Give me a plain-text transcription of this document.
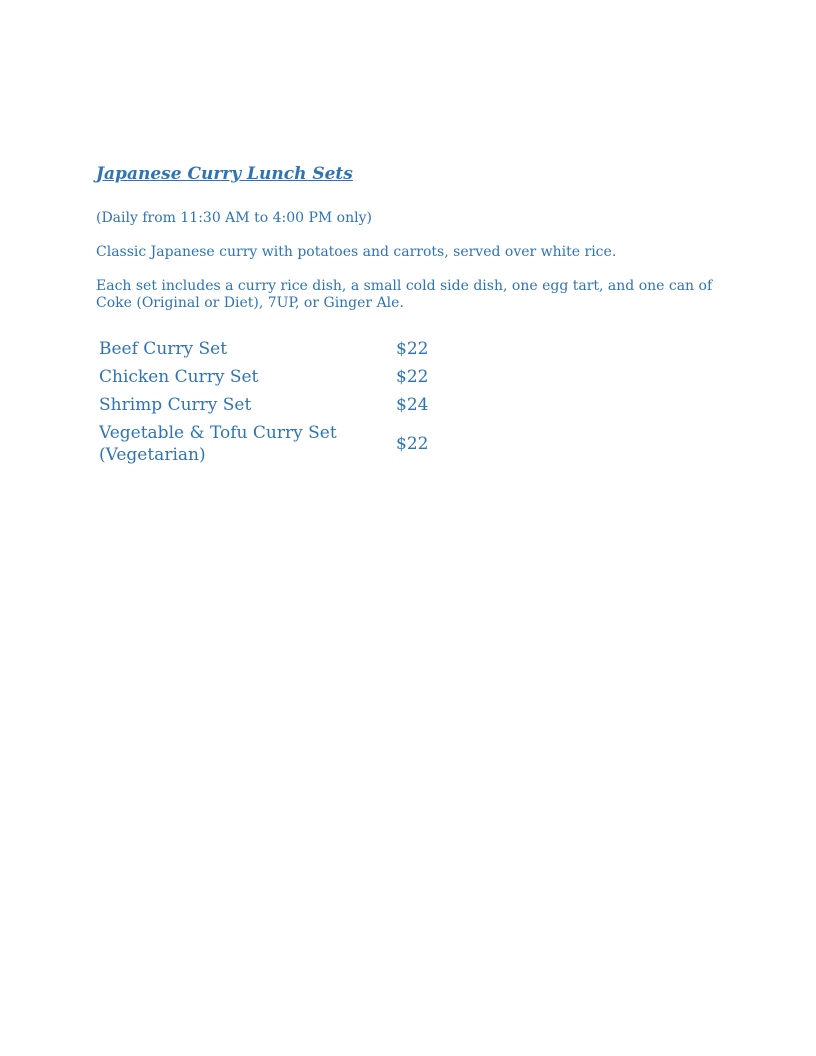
Japanese Curry Lunch Sets

(Daily from 11:30 AM to 4:00 PM only)

Classic Japanese curry with potatoes and carrots, served over white rice.

Each set includes a curry rice dish, a small cold side dish, one egg tart, and one can of Coke (Original or Diet), 7UP, or Ginger Ale.

Beef Curry Set	$22
Chicken Curry Set	$22
Shrimp Curry Set	$24

Vegetable & Tofu Curry Set
(Vegetarian)	$22
